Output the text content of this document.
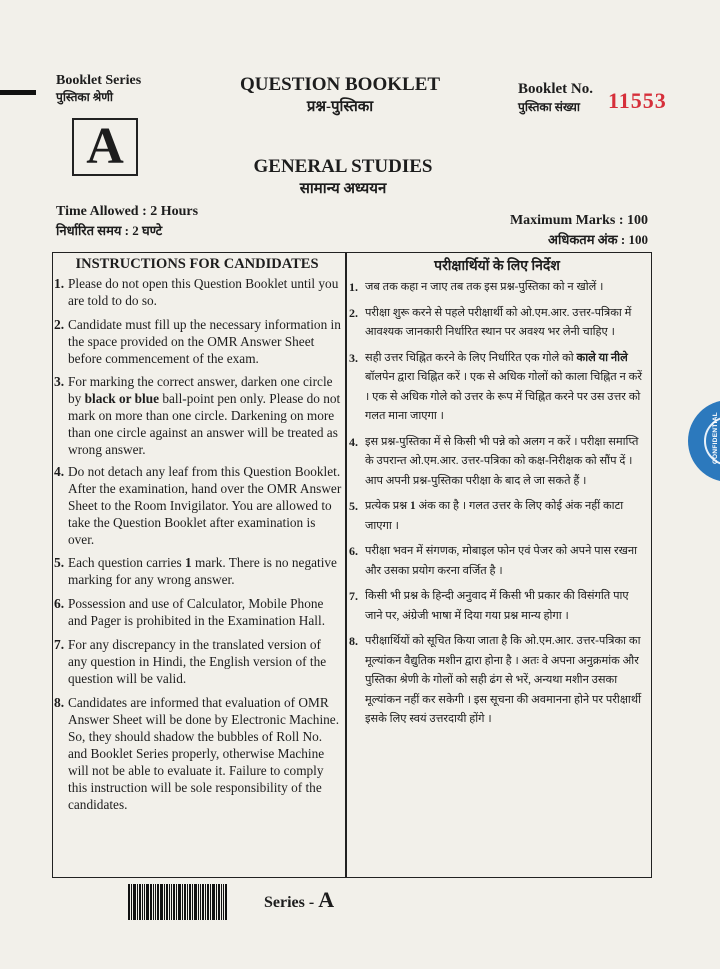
Booklet Series
पुस्तिका श्रेणी
A
QUESTION BOOKLET
प्रश्न-पुस्तिका
Booklet No.
पुस्तिका संख्या 11553
GENERAL STUDIES
सामान्य अध्ययन
Time Allowed : 2 Hours
निर्धारित समय : 2 घण्टे
Maximum Marks : 100
अधिकतम अंक : 100
INSTRUCTIONS FOR CANDIDATES
1. Please do not open this Question Booklet until you are told to do so.
2. Candidate must fill up the necessary information in the space provided on the OMR Answer Sheet before commencement of the exam.
3. For marking the correct answer, darken one circle by black or blue ball-point pen only. Please do not mark on more than one circle. Darkening on more than one circle against an answer will be treated as wrong answer.
4. Do not detach any leaf from this Question Booklet. After the examination, hand over the OMR Answer Sheet to the Room Invigilator. You are allowed to take the Question Booklet after examination is over.
5. Each question carries 1 mark. There is no negative marking for any wrong answer.
6. Possession and use of Calculator, Mobile Phone and Pager is prohibited in the Examination Hall.
7. For any discrepancy in the translated version of any question in Hindi, the English version of the question will be valid.
8. Candidates are informed that evaluation of OMR Answer Sheet will be done by Electronic Machine. So, they should shadow the bubbles of Roll No. and Booklet Series properly, otherwise Machine will not be able to evaluate it. Failure to comply this instruction will be sole responsibility of the candidates.
परीक्षार्थियों के लिए निर्देश
1. जब तक कहा न जाए तब तक इस प्रश्न-पुस्तिका को न खोलें ।
2. परीक्षा शुरू करने से पहले परीक्षार्थी को ओ.एम.आर. उत्तर-पत्रिका में आवश्यक जानकारी निर्धारित स्थान पर अवश्य भर लेनी चाहिए ।
3. सही उत्तर चिह्नित करने के लिए निर्धारित एक गोले को काले या नीले बॉलपेन द्वारा चिह्नित करें । एक से अधिक गोलों को काला चिह्नित न करें । एक से अधिक गोले को उत्तर के रूप में चिह्नित करने पर उस उत्तर को गलत माना जाएगा ।
4. इस प्रश्न-पुस्तिका में से किसी भी पन्ने को अलग न करें । परीक्षा समाप्ति के उपरान्त ओ.एम.आर. उत्तर-पत्रिका को कक्ष-निरीक्षक को सौंप दें । आप अपनी प्रश्न-पुस्तिका परीक्षा के बाद ले जा सकते हैं ।
5. प्रत्येक प्रश्न 1 अंक का है । गलत उत्तर के लिए कोई अंक नहीं काटा जाएगा ।
6. परीक्षा भवन में संगणक, मोबाइल फोन एवं पेजर को अपने पास रखना और उसका प्रयोग करना वर्जित है ।
7. किसी भी प्रश्न के हिन्दी अनुवाद में किसी भी प्रकार की विसंगति पाए जाने पर, अंग्रेजी भाषा में दिया गया प्रश्न मान्य होगा ।
8. परीक्षार्थियों को सूचित किया जाता है कि ओ.एम.आर. उत्तर-पत्रिका का मूल्यांकन वैद्युतिक मशीन द्वारा होना है । अतः वे अपना अनुक्रमांक और पुस्तिका श्रेणी के गोलों को सही ढंग से भरें, अन्यथा मशीन उसका मूल्यांकन नहीं कर सकेगी । इस सूचना की अवमानना होने पर परीक्षार्थी इसके लिए स्वयं उत्तरदायी होंगे ।
Series - A
CONFIDENTIAL
